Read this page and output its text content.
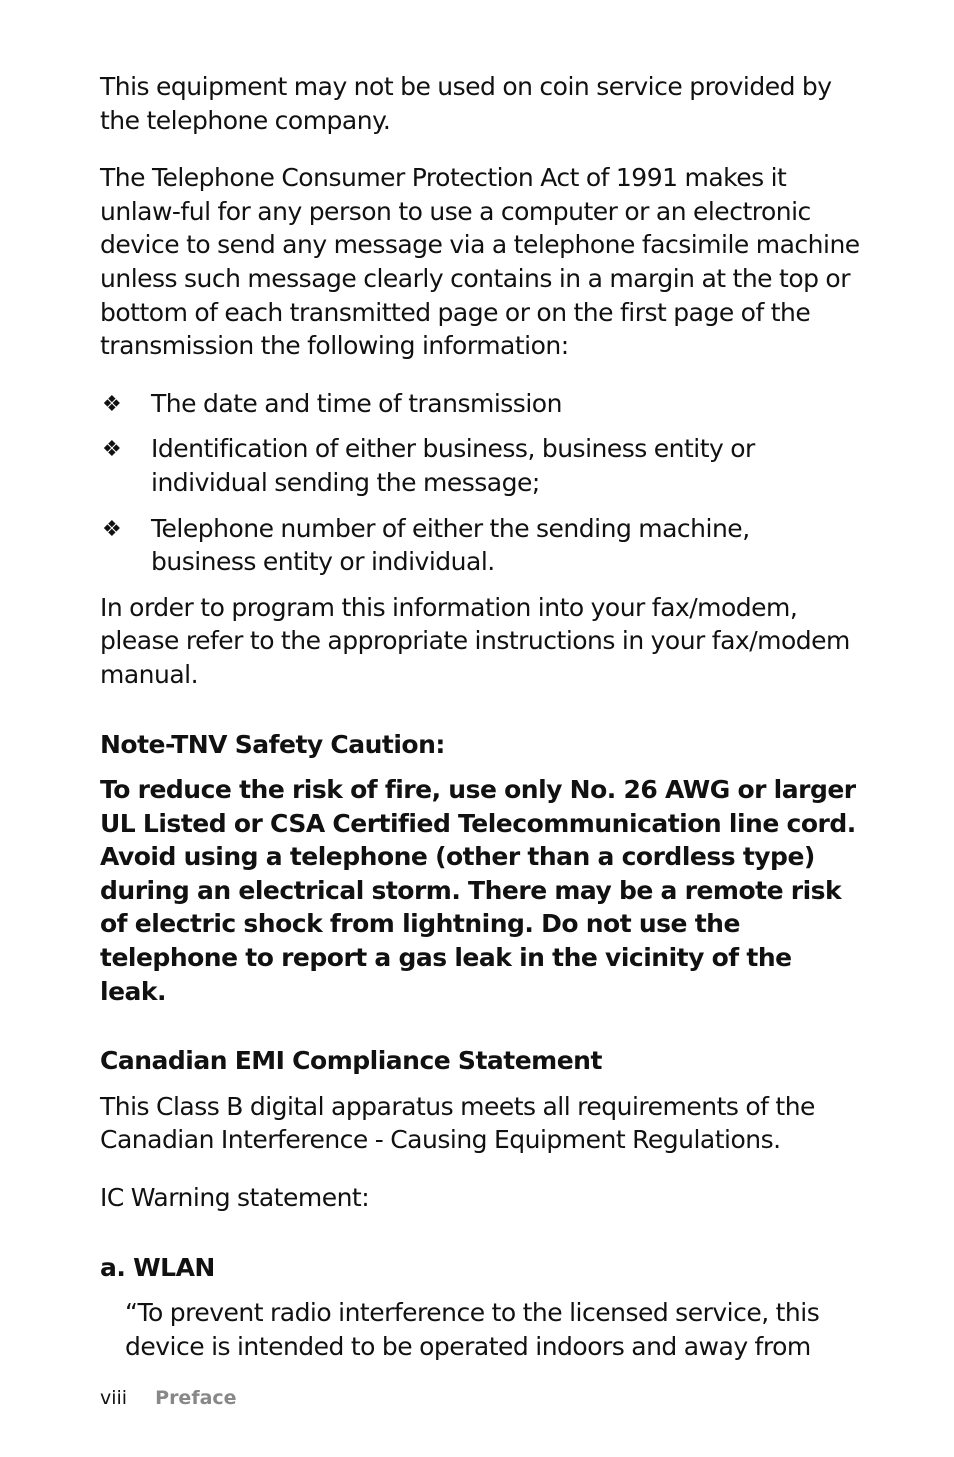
This equipment may not be used on coin service provided by the telephone company.

The Telephone Consumer Protection Act of 1991 makes it unlaw-ful for any person to use a computer or an electronic device to send any message via a telephone facsimile machine unless such message clearly contains in a margin at the top or bottom of each transmitted page or on the first page of the transmission the following information:

❖ The date and time of transmission
❖ Identification of either business, business entity or individual sending the message;
❖ Telephone number of either the sending machine, business entity or individual.

In order to program this information into your fax/modem, please refer to the appropriate instructions in your fax/modem manual.

Note-TNV Safety Caution:

To reduce the risk of fire, use only No. 26 AWG or larger UL Listed or CSA Certified Telecommunication line cord. Avoid using a telephone (other than a cordless type) during an electrical storm. There may be a remote risk of electric shock from lightning. Do not use the telephone to report a gas leak in the vicinity of the leak.

Canadian EMI Compliance Statement

This Class B digital apparatus meets all requirements of the Canadian Interference - Causing Equipment Regulations.

IC Warning statement:

a. WLAN

“To prevent radio interference to the licensed service, this device is intended to be operated indoors and away from

viii Preface
